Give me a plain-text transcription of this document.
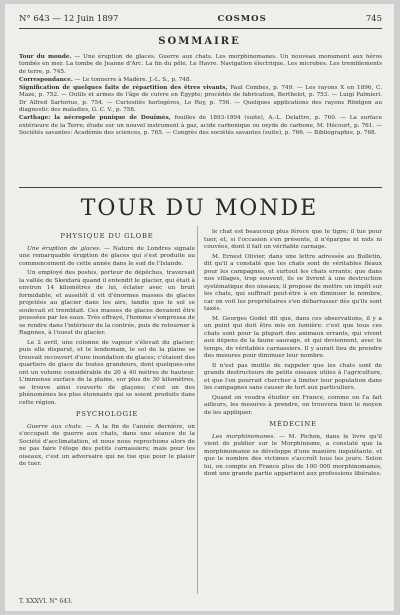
N° 643 — 12 Juin 1897	COSMOS	745
SOMMAIRE

Tour du monde. — Une éruption de glaces. Guerre aux chats. Les morphinomanes. Un nouveau monument aux héros tombés en mer. La tombe de Jeanne d'Arc. La fin du pôle. Le Havre. Navigation électrique. Les microbes. Les tremblements de terre, p. 745.

Correspondance. — Le tonnerre à Madère. J.-L. S., p. 748.

Signification de quelques faits de répartition des êtres vivants, Paul Combes, p. 749. — Les rayons X en 1896, C. Maze, p. 752. — Outils et armes de l'âge de cuivre en Égypte; procédés de fabrication, Berthelot, p. 753. — Luigi Palmieri. Dr Alfred Sartorius, p. 754. — Curiosités horlogères, Le Roy, p. 756. — Quelques applications des rayons Röntgen au diagnostic des maladies, G. C. V., p. 758.

Carthage: la nécropole punique de Douïmès, fouilles de 1893-1894 (suite), A.-L. Delattre, p. 760. — La surface extérieure de la Terre; étude sur un nouvel instrument à gaz, acide carbonique ou oxyde de carbone, M. Hécourt, p. 761. — Sociétés savantes: Académie des sciences, p. 765. — Congrès des sociétés savantes (suite), p. 766. — Bibliographie, p. 768.

TOUR DU MONDE
PHYSIQUE DU GLOBE

Une éruption de glaces. — Nature de Londres signale une remarquable éruption de glaces qui s'est produite au commencement de cette année dans le sud de l'Islande.

Un employé des postes, porteur de dépêches, traversait la vallée de Skeidarà quand il entendit le glacier, qui était à environ 14 kilomètres de lui, éclater avec un bruit formidable, et aussitôt il vit d'énormes masses de glaces projetées au glacier dans les airs, tandis que le sol se soulevait et tremblait. Ces masses de glaces devaient être poussées par les eaux. Très effrayé, l'homme s'empressa de se rendre dans l'intérieur de la contrée, puis de retourner à Ragnnes, à l'ouest du glacier.

Le 2 avril, une colonne de vapeur s'élevait du glacier; puis elle disparut, et le lendemain, le sol de la plaine se trouvait recouvert d'une inondation de glaces; c'étaient des quartiers de glace de toutes grandeurs, dont quelques-uns ont un volume considérable de 20 à 40 mètres de hauteur. L'immense surface de la plaine, sur plus de 30 kilomètres, se trouve ainsi couverte de glaçons; c'est un des phénomènes les plus étonnants qui se soient produits dans cette région.

PSYCHOLOGIE

Guerre aux chats. — A la fin de l'année dernière, on s'occupait de guerre aux chats, dans une séance de la Société d'acclimatation, et nous nous reprochions alors de ne pas faire l'éloge des petits carnassiers; mais pour les oiseaux, c'est un adversaire qui ne tue que pour le plaisir de tuer.

le chat est beaucoup plus féroce que le tigre; il tue pour tuer, et, si l'occasion s'en présente, il n'épargne ni nids ni couvées, dont il fait un véritable carnage.

M. Ernest Olivier, dans une lettre adressée au Bulletin, dit qu'il a constaté que les chats sont de véritables fléaux pour les campagnes, et surtout les chats errants; que dans nos villages, trop souvent, ils se livrent à une destruction systématique des oiseaux; il propose de mettre un impôt sur les chats, qui suffirait peut-être à en diminuer le nombre, car on voit les propriétaires s'en débarrasser dès qu'ils sont taxés.

M. Georges Godet dit que, dans ces observations, il y a un point qui doit être mis en lumière: c'est que tous ces chats sont pour la plupart des animaux errants, qui vivent aux dépens de la faune sauvage, et qui deviennent, avec le temps, de véritables carnassiers. Il y aurait lieu de prendre des mesures pour diminuer leur nombre.

Il n'est pas inutile de rappeler que les chats sont de grands destructeurs de petits oiseaux utiles à l'agriculture, et que l'on pourrait chercher à limiter leur population dans les campagnes sans causer de tort aux particuliers.

Quand on voudra étudier en France, comme on l'a fait ailleurs, les mesures à prendre, on trouvera bien le moyen de les appliquer.

MÉDECINE

Les morphinomanes. — M. Pichon, dans le livre qu'il vient de publier sur le Morphinisme, a constaté que la morphinomanie se développe d'une manière inquiétante, et que le nombre des victimes s'accroît tous les jours. Selon lui, on compte en France plus de 100 000 morphinomanes, dont une grande partie appartient aux professions libérales.

T. XXXVI. N° 643.
